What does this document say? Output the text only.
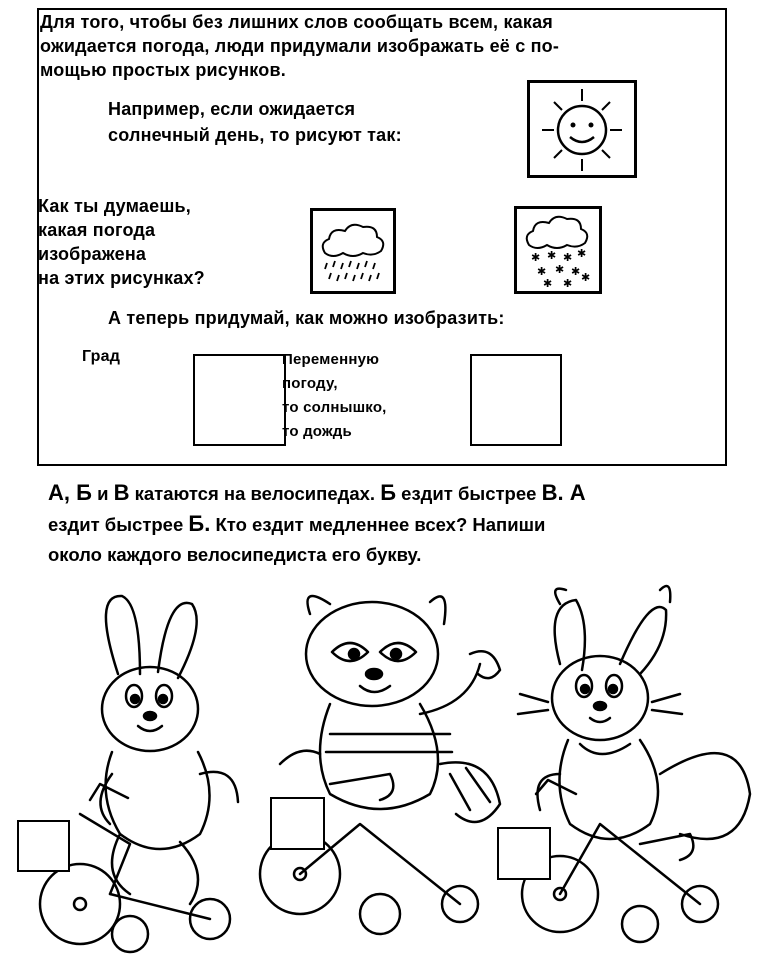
Для того, чтобы без лишних слов сообщать всем, какая
ожидается погода, люди придумали изображать её с по-
мощью простых рисунков.
Например, если ожидается
солнечный день, то рисуют так:
Как ты думаешь,
какая погода
изображена
на этих рисунках?
✱ ✱ ✱ ✱
✱ ✱ ✱
✱ ✱ ✱
А теперь придумай, как можно изобразить:
Град	Переменную
погоду,
то солнышко,
то дождь
А, Б и В катаются на велосипедах. Б ездит быстрее В. А
ездит быстрее Б. Кто ездит медленнее всех? Напиши
около каждого велосипедиста его букву.
